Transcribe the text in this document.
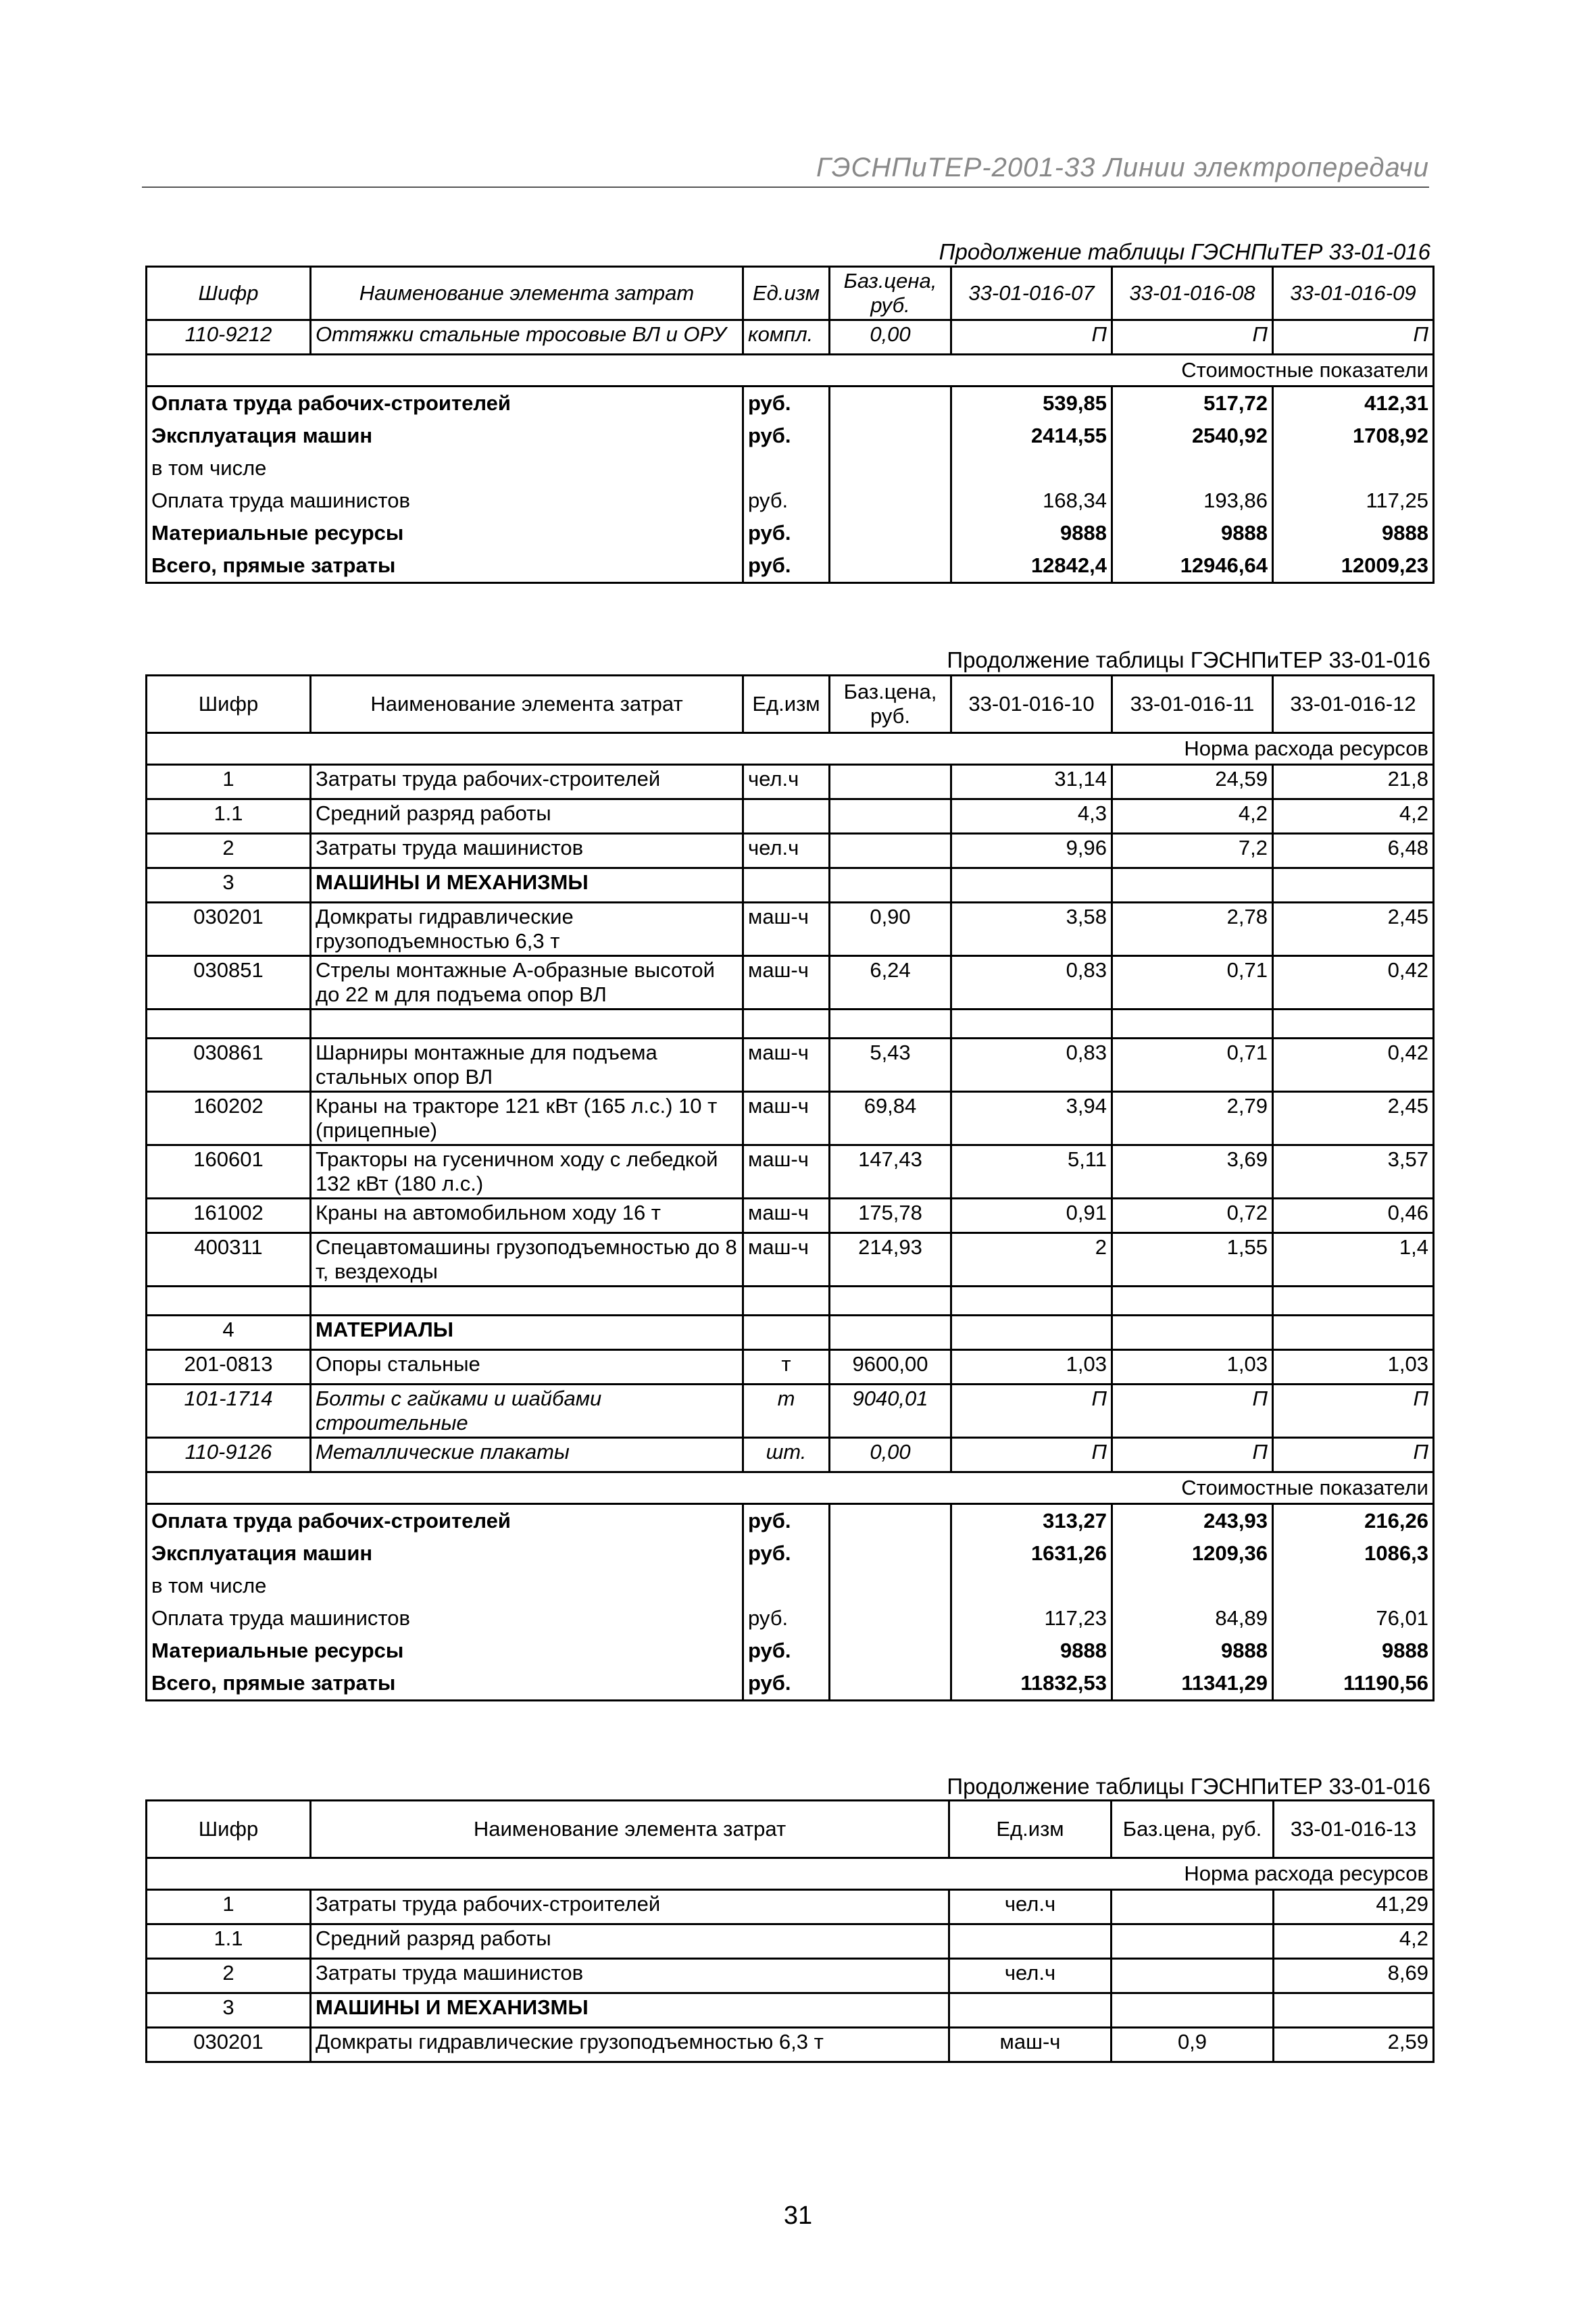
ГЭСНПиТЕР-2001-33 Линии электропередачи
Продолжение таблицы ГЭСНПиТЕР 33-01-016
Шифр	Наименование элемента затрат	Ед.изм	Баз.цена, руб.	33-01-016-07	33-01-016-08	33-01-016-09
110-9212	Оттяжки стальные тросовые ВЛ и ОРУ	компл.	0,00	П	П	П
Стоимостные показатели						
Оплата труда рабочих-строителей		руб.		539,85	517,72	412,31
Эксплуатация машин		руб.		2414,55	2540,92	1708,92
в том числе						
Оплата труда машинистов		руб.		168,34	193,86	117,25
Материальные ресурсы		руб.		9888	9888	9888
Всего, прямые затраты		руб.		12842,4	12946,64	12009,23
Продолжение таблицы ГЭСНПиТЕР 33-01-016
Шифр	Наименование элемента затрат	Ед.изм	Баз.цена, руб.	33-01-016-10	33-01-016-11	33-01-016-12
Норма расхода ресурсов						
1	Затраты труда рабочих-строителей	чел.ч		31,14	24,59	21,8
1.1	Средний разряд работы			4,3	4,2	4,2
2	Затраты труда машинистов	чел.ч		9,96	7,2	6,48
3	МАШИНЫ И МЕХАНИЗМЫ					
030201	Домкраты гидравлические грузоподъемностью 6,3 т	маш-ч	0,90	3,58	2,78	2,45
030851	Стрелы монтажные А-образные высотой до 22 м для подъема опор ВЛ	маш-ч	6,24	0,83	0,71	0,42

030861	Шарниры монтажные для подъема стальных опор ВЛ	маш-ч	5,43	0,83	0,71	0,42
160202	Краны на тракторе 121 кВт (165 л.с.) 10 т (прицепные)	маш-ч	69,84	3,94	2,79	2,45
160601	Тракторы на гусеничном ходу с лебедкой 132 кВт (180 л.с.)	маш-ч	147,43	5,11	3,69	3,57
161002	Краны на автомобильном ходу 16 т	маш-ч	175,78	0,91	0,72	0,46
400311	Спецавтомашины грузоподъемностью до 8 т, вездеходы	маш-ч	214,93	2	1,55	1,4

4	МАТЕРИАЛЫ					
201-0813	Опоры стальные	т	9600,00	1,03	1,03	1,03
101-1714	Болты с гайками и шайбами строительные	т	9040,01	П	П	П
110-9126	Металлические плакаты	шт.	0,00	П	П	П
Стоимостные показатели						
Оплата труда рабочих-строителей		руб.		313,27	243,93	216,26
Эксплуатация машин		руб.		1631,26	1209,36	1086,3
в том числе						
Оплата труда машинистов		руб.		117,23	84,89	76,01
Материальные ресурсы		руб.		9888	9888	9888
Всего, прямые затраты		руб.		11832,53	11341,29	11190,56
Продолжение таблицы ГЭСНПиТЕР 33-01-016
Шифр	Наименование элемента затрат	Ед.изм	Баз.цена, руб.	33-01-016-13
Норма расхода ресурсов				
1	Затраты труда рабочих-строителей	чел.ч		41,29
1.1	Средний разряд работы			4,2
2	Затраты труда машинистов	чел.ч		8,69
3	МАШИНЫ И МЕХАНИЗМЫ			
030201	Домкраты гидравлические грузоподъемностью 6,3 т	маш-ч	0,9	2,59
31
